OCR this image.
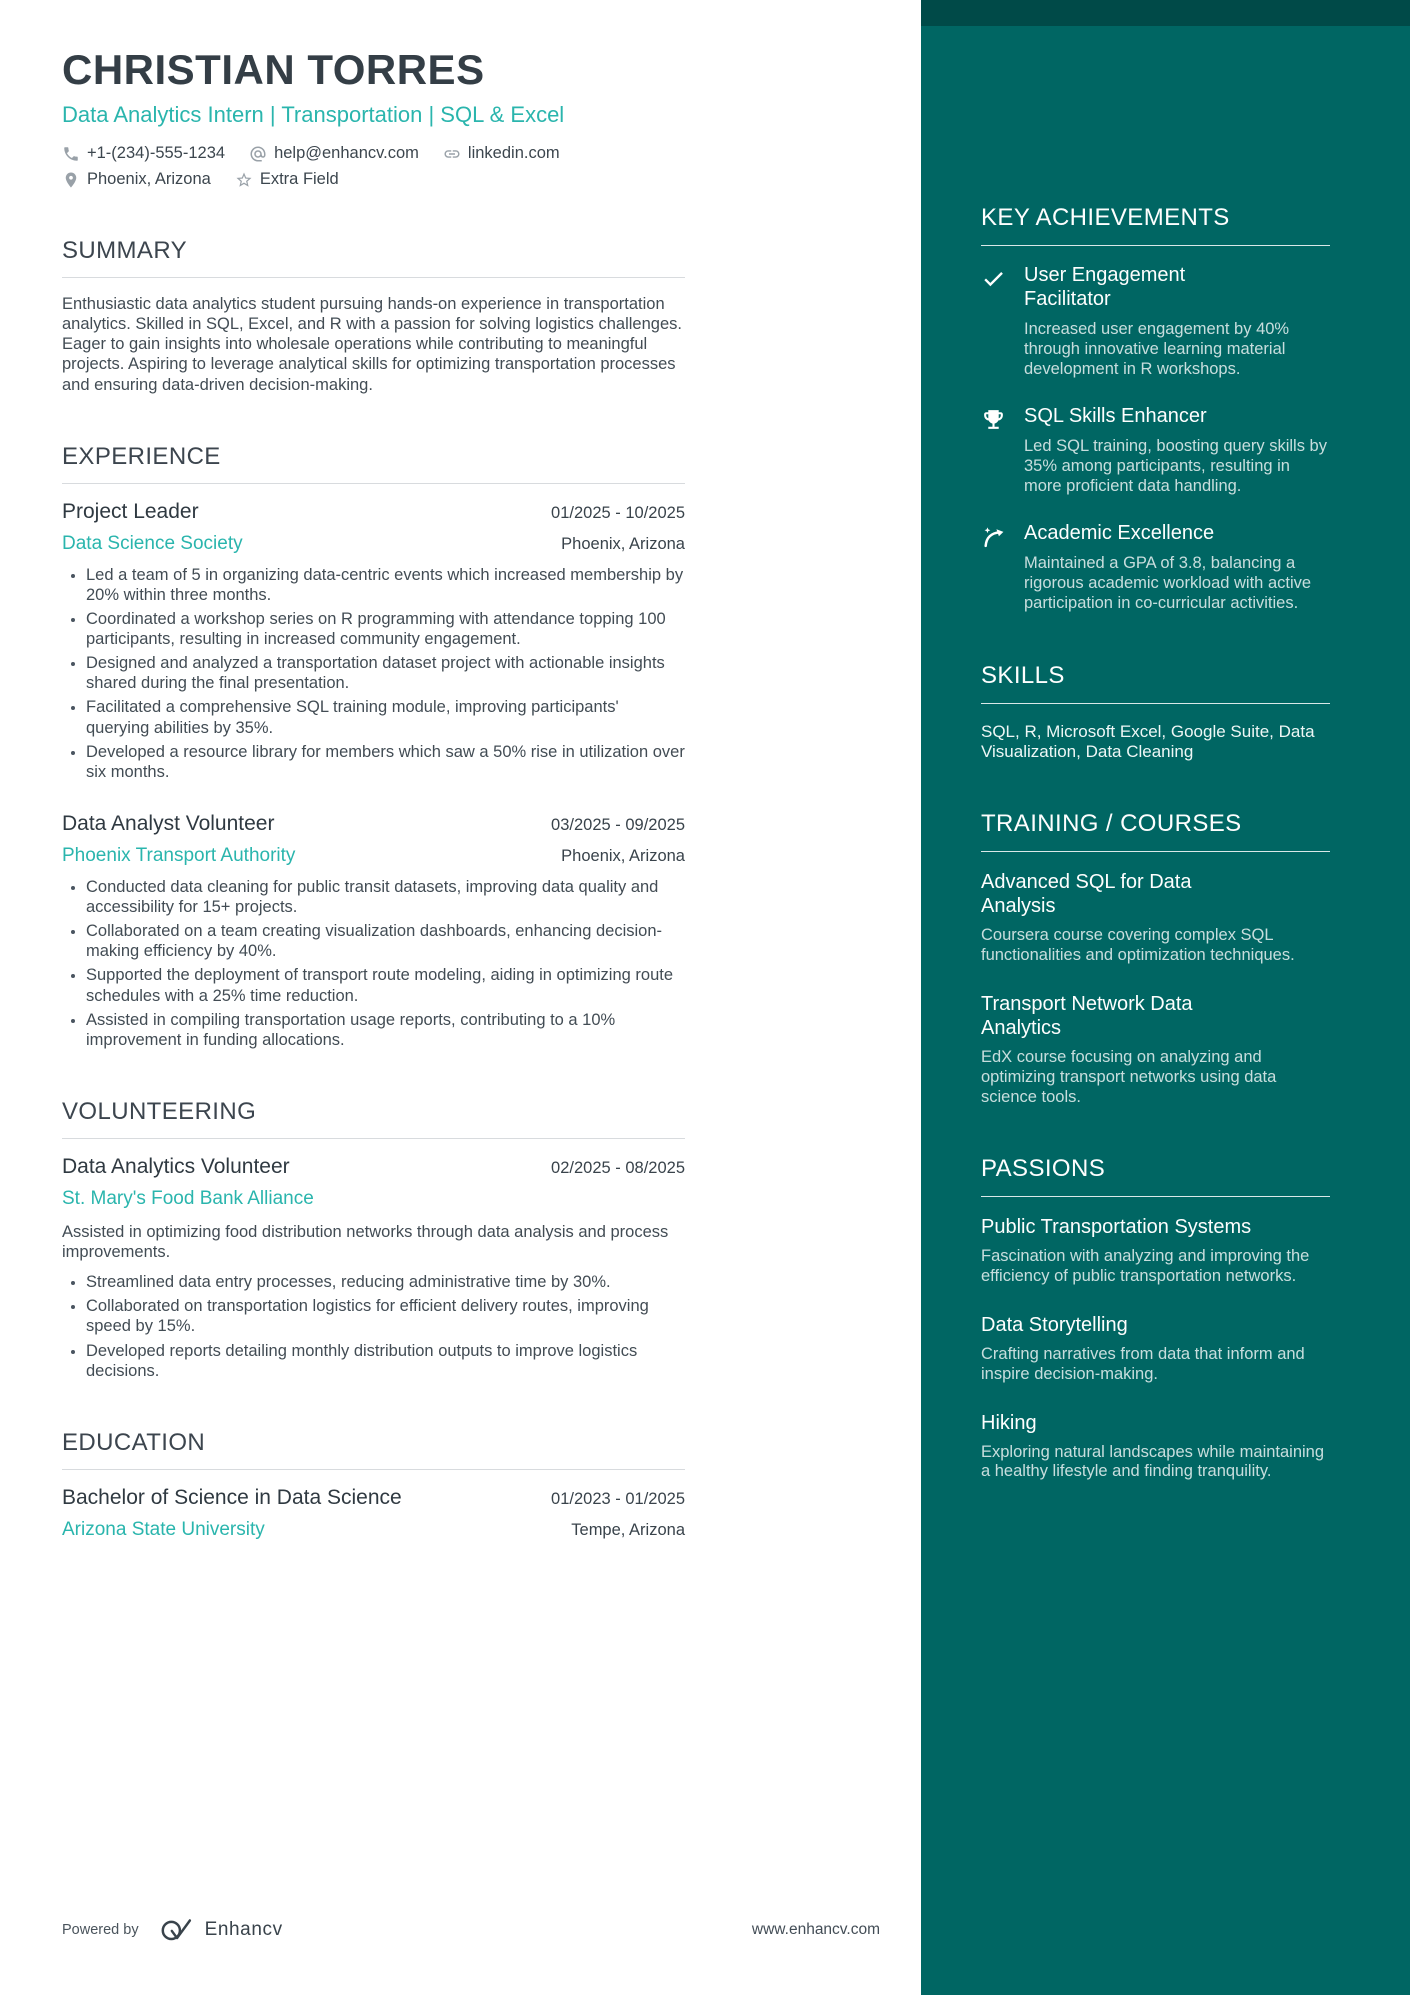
KEY ACHIEVEMENTS
User Engagement Facilitator

Increased user engagement by 40% through innovative learning material development in R workshops.

SQL Skills Enhancer

Led SQL training, boosting query skills by 35% among participants, resulting in more proficient data handling.

Academic Excellence

Maintained a GPA of 3.8, balancing a rigorous academic workload with active participation in co-curricular activities.

SKILLS

SQL, R, Microsoft Excel, Google Suite, Data Visualization, Data Cleaning

TRAINING / COURSES
Advanced SQL for Data Analysis

Coursera course covering complex SQL functionalities and optimization techniques.

Transport Network Data Analytics

EdX course focusing on analyzing and optimizing transport networks using data science tools.

PASSIONS
Public Transportation Systems

Fascination with analyzing and improving the efficiency of public transportation networks.

Data Storytelling

Crafting narratives from data that inform and inspire decision-making.

Hiking

Exploring natural landscapes while maintaining a healthy lifestyle and finding tranquility.

CHRISTIAN TORRES
Data Analytics Intern | Transportation | SQL & Excel
+1-(234)-555-1234	help@enhancv.com	linkedin.com
Phoenix, Arizona	Extra Field
SUMMARY

Enthusiastic data analytics student pursuing hands-on experience in transportation analytics. Skilled in SQL, Excel, and R with a passion for solving logistics challenges. Eager to gain insights into wholesale operations while contributing to meaningful projects. Aspiring to leverage analytical skills for optimizing transportation processes and ensuring data-driven decision-making.

EXPERIENCE
Project Leader	01/2025 - 10/2025
Data Science Society	Phoenix, Arizona
• Led a team of 5 in organizing data-centric events which increased membership by 20% within three months.
• Coordinated a workshop series on R programming with attendance topping 100 participants, resulting in increased community engagement.
• Designed and analyzed a transportation dataset project with actionable insights shared during the final presentation.
• Facilitated a comprehensive SQL training module, improving participants' querying abilities by 35%.
• Developed a resource library for members which saw a 50% rise in utilization over six months.
Data Analyst Volunteer	03/2025 - 09/2025
Phoenix Transport Authority	Phoenix, Arizona
• Conducted data cleaning for public transit datasets, improving data quality and accessibility for 15+ projects.
• Collaborated on a team creating visualization dashboards, enhancing decision-making efficiency by 40%.
• Supported the deployment of transport route modeling, aiding in optimizing route schedules with a 25% time reduction.
• Assisted in compiling transportation usage reports, contributing to a 10% improvement in funding allocations.
VOLUNTEERING
Data Analytics Volunteer	02/2025 - 08/2025
St. Mary's Food Bank Alliance

Assisted in optimizing food distribution networks through data analysis and process improvements.

• Streamlined data entry processes, reducing administrative time by 30%.
• Collaborated on transportation logistics for efficient delivery routes, improving speed by 15%.
• Developed reports detailing monthly distribution outputs to improve logistics decisions.
EDUCATION
Bachelor of Science in Data Science	01/2023 - 01/2025
Arizona State University	Tempe, Arizona
Powered by	Enhancv	www.enhancv.com
